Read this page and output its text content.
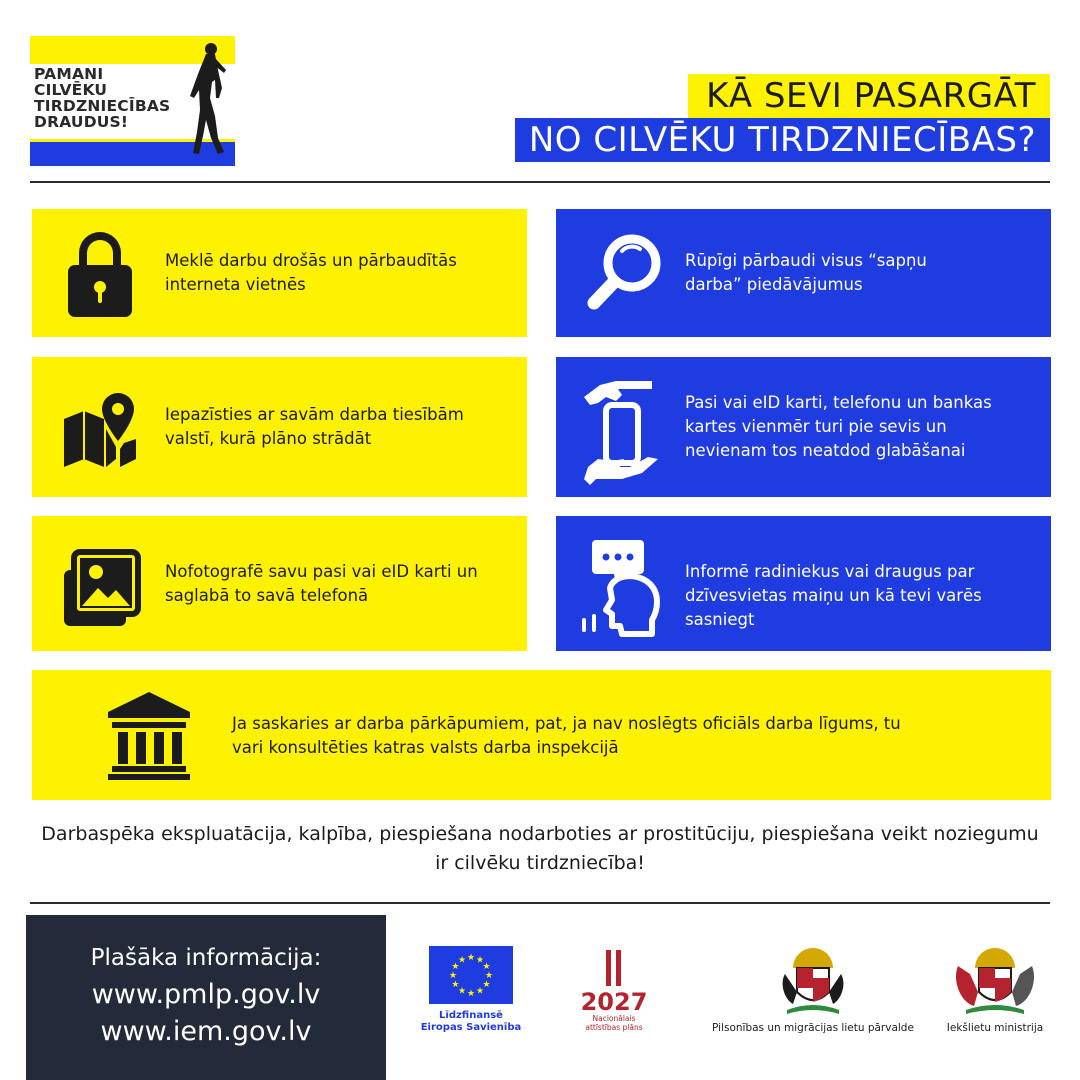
PAMANI
CILVĒKU
TIRDZNIECĪBAS
DRAUDUS!
KĀ SEVI PASARGĀT
NO CILVĒKU TIRDZNIECĪBAS?
Meklē darbu drošās un pārbaudītās interneta vietnēs
Rūpīgi pārbaudi visus “sapņu darba” piedāvājumus
Iepazīsties ar savām darba tiesībām valstī, kurā plāno strādāt
Pasi vai eID karti, telefonu un bankas kartes vienmēr turi pie sevis un nevienam tos neatdod glabāšanai
Nofotografē savu pasi vai eID karti un saglabā to savā telefonā
Informē radiniekus vai draugus par dzīvesvietas maiņu un kā tevi varēs sasniegt
Ja saskaries ar darba pārkāpumiem, pat, ja nav noslēgts oficiāls darba līgums, tu vari konsultēties katras valsts darba inspekcijā
Darbaspēka ekspluatācija, kalpība, piespiešana nodarboties ar prostitūciju, piespiešana veikt noziegumu ir cilvēku tirdzniecība!
Plašāka informācija:
www.pmlp.gov.lv
www.iem.gov.lv
★ ★
★
★
★
★
★
★
★
★
★
★
Līdzfinansē
Eiropas Savienība
2027
Nacionālais
attīstības plāns	Pilsonības un migrācijas lietu pārvalde	Iekšlietu ministrija
